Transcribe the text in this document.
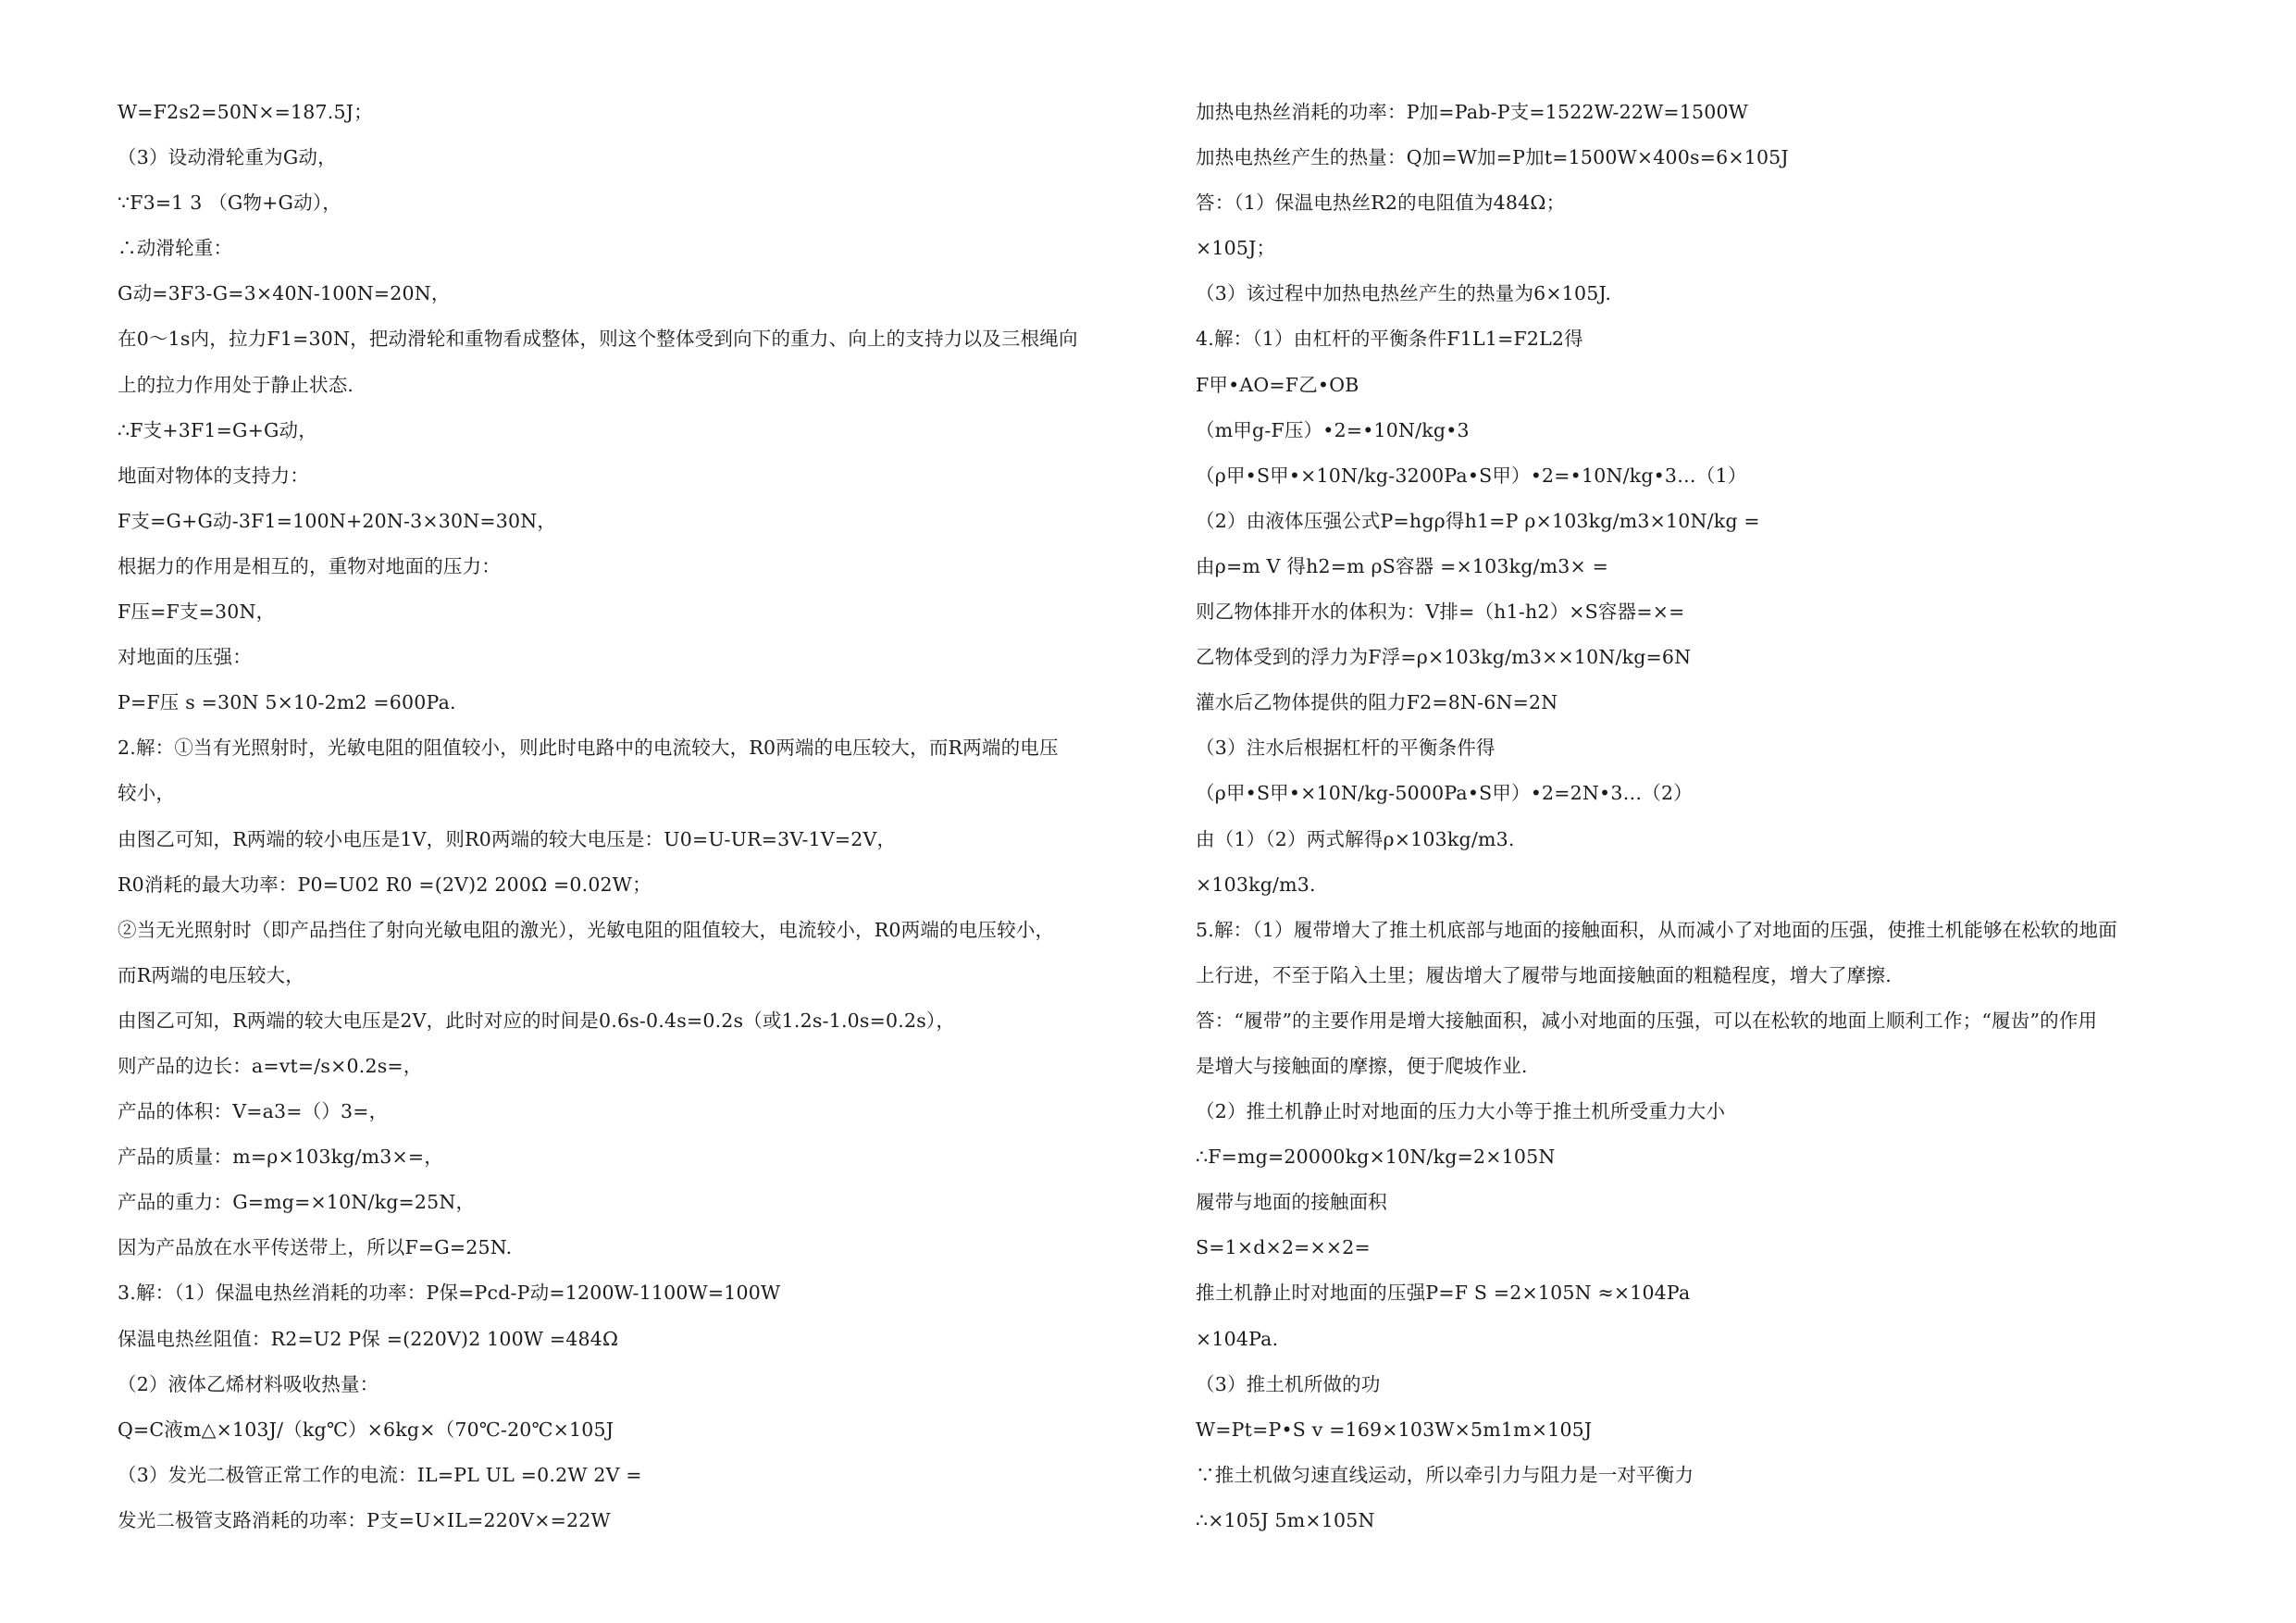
W=F2s2=50N×=187.5J；
（3）设动滑轮重为G动，
∵F3=1 3 （G物+G动），
∴动滑轮重：
G动=3F3-G=3×40N-100N=20N，
在0～1s内，拉力F1=30N，把动滑轮和重物看成整体，则这个整体受到向下的重力、向上的支持力以及三根绳向
上的拉力作用处于静止状态.
∴F支+3F1=G+G动，
地面对物体的支持力：
F支=G+G动-3F1=100N+20N-3×30N=30N，
根据力的作用是相互的，重物对地面的压力：
F压=F支=30N，
对地面的压强：
P=F压 s =30N 5×10-2m2 =600Pa.
2.解：①当有光照射时，光敏电阻的阻值较小，则此时电路中的电流较大，R0两端的电压较大，而R两端的电压
较小，
由图乙可知，R两端的较小电压是1V，则R0两端的较大电压是：U0=U-UR=3V-1V=2V，
R0消耗的最大功率：P0=U02 R0 =(2V)2 200Ω =0.02W；
②当无光照射时（即产品挡住了射向光敏电阻的激光），光敏电阻的阻值较大，电流较小，R0两端的电压较小，
而R两端的电压较大，
由图乙可知，R两端的较大电压是2V，此时对应的时间是0.6s-0.4s=0.2s（或1.2s-1.0s=0.2s），
则产品的边长：a=vt=/s×0.2s=，
产品的体积：V=a3=（）3=，
产品的质量：m=ρ×103kg/m3×=，
产品的重力：G=mg=×10N/kg=25N，
因为产品放在水平传送带上，所以F=G=25N.
3.解：（1）保温电热丝消耗的功率：P保=Pcd-P动=1200W-1100W=100W
保温电热丝阻值：R2=U2 P保 =(220V)2 100W =484Ω
（2）液体乙烯材料吸收热量：
Q=C液m△×103J/（kg℃）×6kg×（70℃-20℃×105J
（3）发光二极管正常工作的电流：IL=PL UL =0.2W 2V =
发光二极管支路消耗的功率：P支=U×IL=220V×=22W
加热电热丝消耗的功率：P加=Pab-P支=1522W-22W=1500W
加热电热丝产生的热量：Q加=W加=P加t=1500W×400s=6×105J
答：（1）保温电热丝R2的电阻值为484Ω；
×105J；
（3）该过程中加热电热丝产生的热量为6×105J.
4.解：（1）由杠杆的平衡条件F1L1=F2L2得
F甲•AO=F乙•OB
（m甲g-F压）•2=•10N/kg•3
（ρ甲•S甲•×10N/kg-3200Pa•S甲）•2=•10N/kg•3…（1）
（2）由液体压强公式P=hgρ得h1=P ρ×103kg/m3×10N/kg =
由ρ=m V 得h2=m ρS容器 =×103kg/m3× =
则乙物体排开水的体积为：V排=（h1-h2）×S容器=×=
乙物体受到的浮力为F浮=ρ×103kg/m3××10N/kg=6N
灌水后乙物体提供的阻力F2=8N-6N=2N
（3）注水后根据杠杆的平衡条件得
（ρ甲•S甲•×10N/kg-5000Pa•S甲）•2=2N•3…（2）
由（1）（2）两式解得ρ×103kg/m3.
×103kg/m3.
5.解：（1）履带增大了推土机底部与地面的接触面积，从而减小了对地面的压强，使推土机能够在松软的地面
上行进，不至于陷入土里；履齿增大了履带与地面接触面的粗糙程度，增大了摩擦.
答：“履带”的主要作用是增大接触面积，减小对地面的压强，可以在松软的地面上顺利工作；“履齿”的作用
是增大与接触面的摩擦，便于爬坡作业.
（2）推土机静止时对地面的压力大小等于推土机所受重力大小
∴F=mg=20000kg×10N/kg=2×105N
履带与地面的接触面积
S=1×d×2=××2=
推土机静止时对地面的压强P=F S =2×105N ≈×104Pa
×104Pa.
（3）推土机所做的功
W=Pt=P•S v =169×103W×5m1m×105J
∵推土机做匀速直线运动，所以牵引力与阻力是一对平衡力
∴×105J 5m×105N
